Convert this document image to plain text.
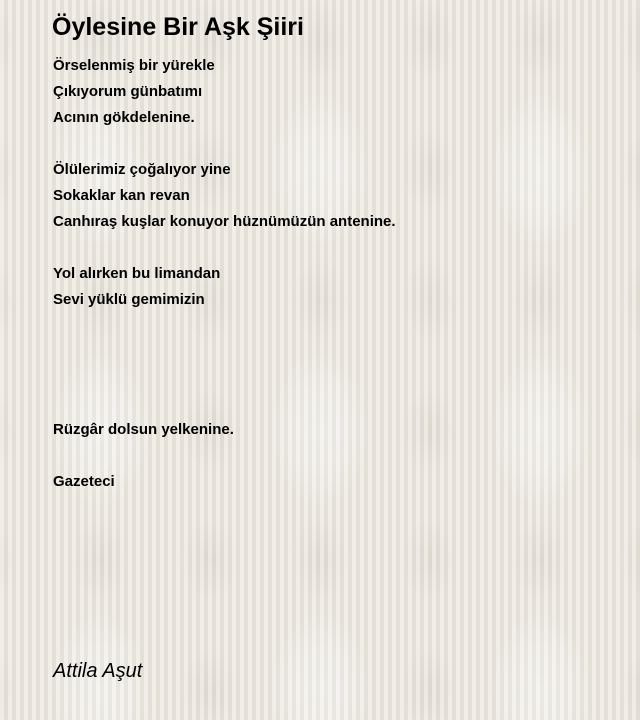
Öylesine Bir Aşk Şiiri
Örselenmiş bir yürekle
Çıkıyorum günbatımı
Acının gökdelenine.
Ölülerimiz çoğalıyor yine
Sokaklar kan revan
Canhıraş kuşlar konuyor hüznümüzün antenine.
Yol alırken bu limandan
Sevi yüklü gemimizin
Rüzgâr dolsun yelkenine.
Gazeteci
Attila Aşut
